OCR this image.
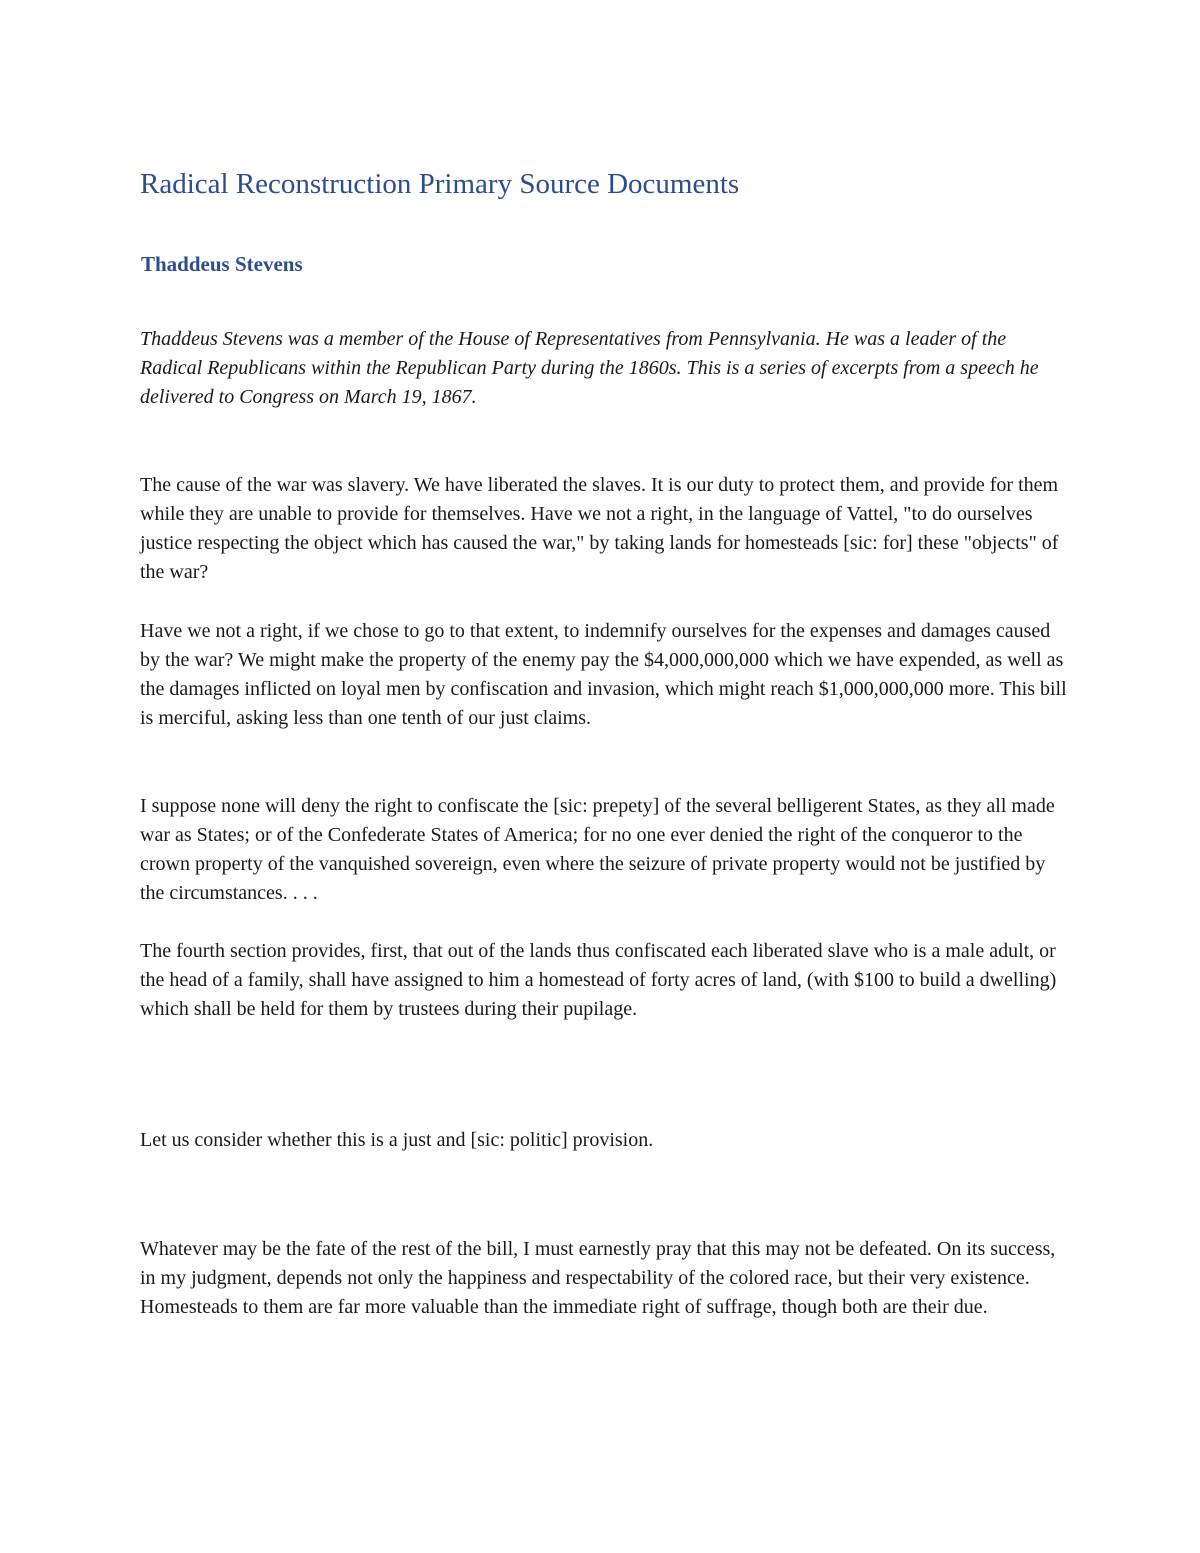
Radical Reconstruction Primary Source Documents
Thaddeus Stevens

Thaddeus Stevens was a member of the House of Representatives from Pennsylvania. He was a leader of the Radical Republicans within the Republican Party during the 1860s. This is a series of excerpts from a speech he delivered to Congress on March 19, 1867.

The cause of the war was slavery. We have liberated the slaves. It is our duty to protect them, and provide for them while they are unable to provide for themselves. Have we not a right, in the language of Vattel, "to do ourselves justice respecting the object which has caused the war," by taking lands for homesteads [sic: for] these "objects" of the war?

Have we not a right, if we chose to go to that extent, to indemnify ourselves for the expenses and damages caused by the war? We might make the property of the enemy pay the $4,000,000,000 which we have expended, as well as the damages inflicted on loyal men by confiscation and invasion, which might reach $1,000,000,000 more. This bill is merciful, asking less than one tenth of our just claims.

I suppose none will deny the right to confiscate the [sic: prepety] of the several belligerent States, as they all made war as States; or of the Confederate States of America; for no one ever denied the right of the conqueror to the crown property of the vanquished sovereign, even where the seizure of private property would not be justified by the circumstances. . . .

The fourth section provides, first, that out of the lands thus confiscated each liberated slave who is a male adult, or the head of a family, shall have assigned to him a homestead of forty acres of land, (with $100 to build a dwelling) which shall be held for them by trustees during their pupilage.

Let us consider whether this is a just and [sic: politic] provision.

Whatever may be the fate of the rest of the bill, I must earnestly pray that this may not be defeated. On its success, in my judgment, depends not only the happiness and respectability of the colored race, but their very existence. Homesteads to them are far more valuable than the immediate right of suffrage, though both are their due.
